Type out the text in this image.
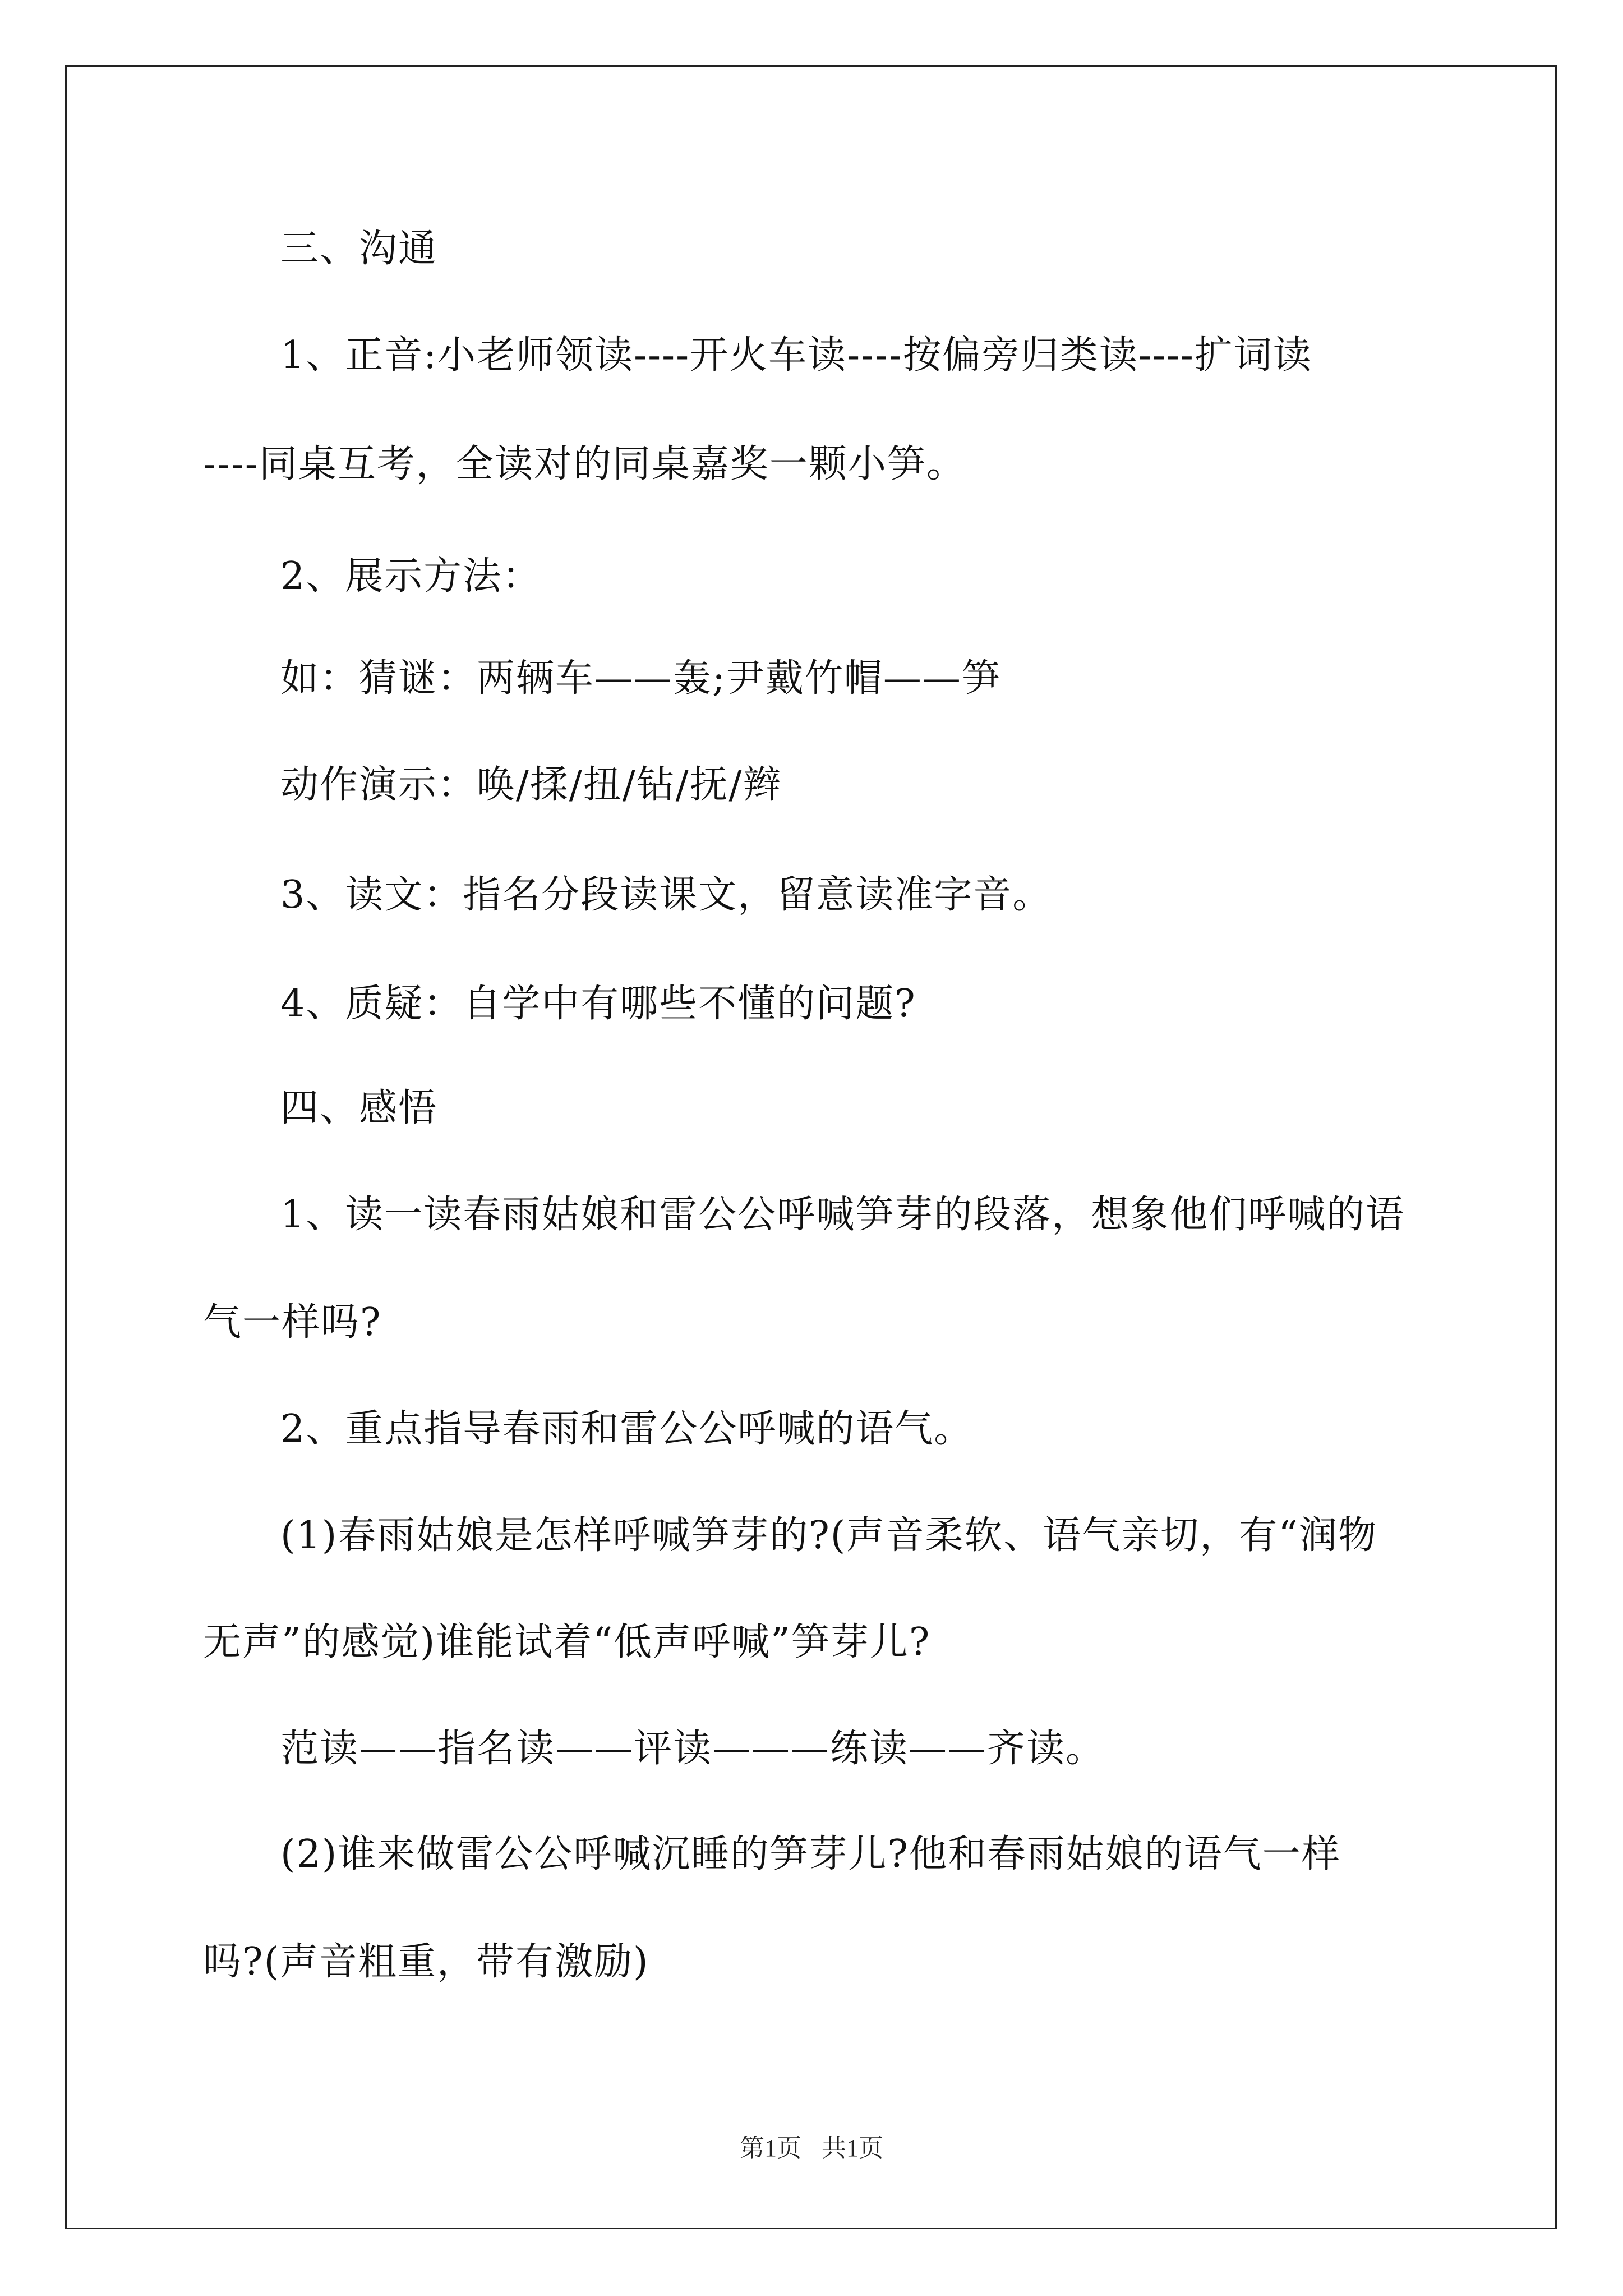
三、沟通
1、正音:小老师领读----开火车读----按偏旁归类读----扩词读
----同桌互考，全读对的同桌嘉奖一颗小笋。
2、展示方法：
如：猜谜：两辆车——轰;尹戴竹帽——笋
动作演示：唤/揉/扭/钻/抚/辫
3、读文：指名分段读课文，留意读准字音。
4、质疑：自学中有哪些不懂的问题?
四、感悟
1、读一读春雨姑娘和雷公公呼喊笋芽的段落，想象他们呼喊的语
气一样吗?
2、重点指导春雨和雷公公呼喊的语气。
(1)春雨姑娘是怎样呼喊笋芽的?(声音柔软、语气亲切，有“润物
无声”的感觉)谁能试着“低声呼喊”笋芽儿?
范读——指名读——评读———练读——齐读。
(2)谁来做雷公公呼喊沉睡的笋芽儿?他和春雨姑娘的语气一样
吗?(声音粗重，带有激励)
第1页 共1页
